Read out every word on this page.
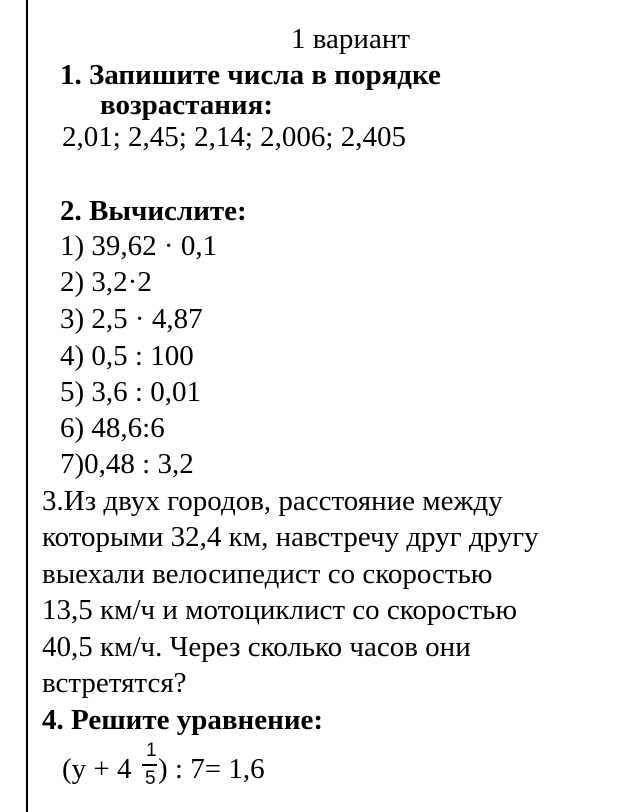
1 вариант
1. Запишите числа в порядке
возрастания:
2,01; 2,45; 2,14; 2,006; 2,405
2. Вычислите:
1) 39,62 · 0,1
2) 3,2·2
3) 2,5 · 4,87
4) 0,5 : 100
5) 3,6 : 0,01
6) 48,6:6
7)0,48 : 3,2
3.Из двух городов, расстояние между
которыми 32,4 км, навстречу друг другу
выехали велосипедист со скоростью
13,5 км/ч и мотоциклист со скоростью
40,5 км/ч. Через сколько часов они
встретятся?
4. Решите уравнение:
(y + 4
1
5 ) : 7= 1,6
